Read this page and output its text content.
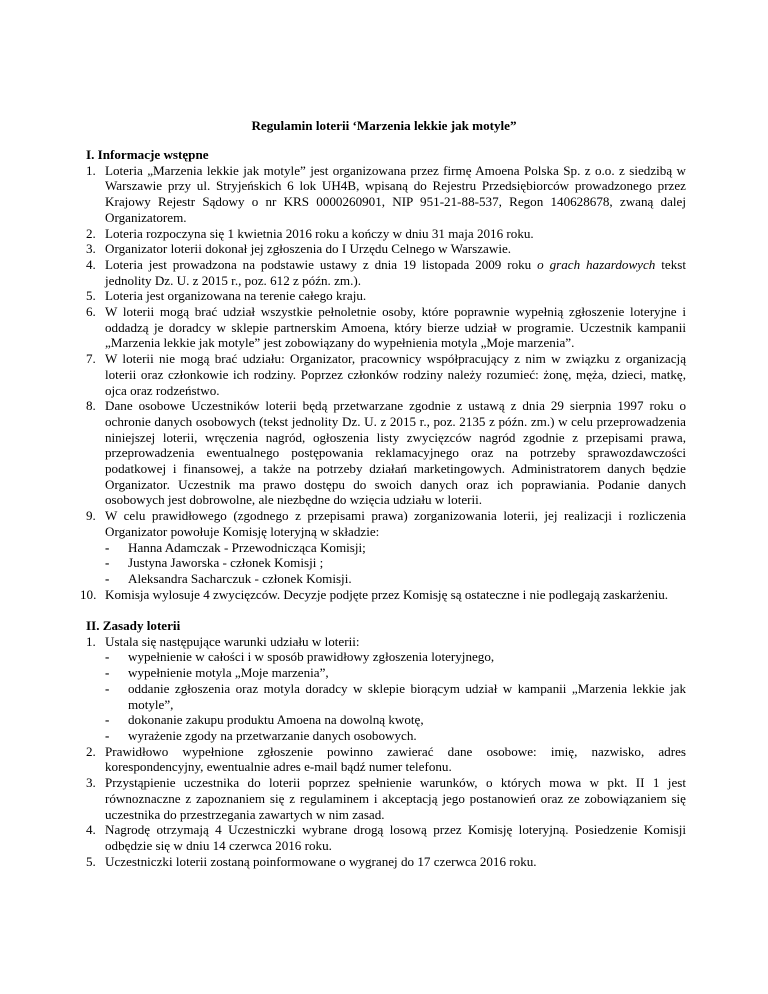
Regulamin loterii ‘Marzenia lekkie jak motyle”

I. Informacje wstępne

1. Loteria „Marzenia lekkie jak motyle” jest organizowana przez firmę Amoena Polska Sp. z o.o. z siedzibą w Warszawie przy ul. Stryjeńskich 6 lok UH4B, wpisaną do Rejestru Przedsiębiorców prowadzonego przez Krajowy Rejestr Sądowy o nr KRS 0000260901, NIP 951-21-88-537, Regon 140628678, zwaną dalej Organizatorem.
2. Loteria rozpoczyna się 1 kwietnia 2016 roku a kończy w dniu 31 maja 2016 roku.
3. Organizator loterii dokonał jej zgłoszenia do I Urzędu Celnego w Warszawie.
4. Loteria jest prowadzona na podstawie ustawy z dnia 19 listopada 2009 roku o grach hazardowych tekst jednolity Dz. U. z 2015 r., poz. 612 z późn. zm.).
5. Loteria jest organizowana na terenie całego kraju.
6. W loterii mogą brać udział wszystkie pełnoletnie osoby, które poprawnie wypełnią zgłoszenie loteryjne i oddadzą je doradcy w sklepie partnerskim Amoena, który bierze udział w programie. Uczestnik kampanii „Marzenia lekkie jak motyle” jest zobowiązany do wypełnienia motyla „Moje marzenia”.
7. W loterii nie mogą brać udziału: Organizator, pracownicy współpracujący z nim w związku z organizacją loterii oraz członkowie ich rodziny. Poprzez członków rodziny należy rozumieć: żonę, męża, dzieci, matkę, ojca oraz rodzeństwo.
8. Dane osobowe Uczestników loterii będą przetwarzane zgodnie z ustawą z dnia 29 sierpnia 1997 roku o ochronie danych osobowych (tekst jednolity Dz. U. z 2015 r., poz. 2135 z późn. zm.) w celu przeprowadzenia niniejszej loterii, wręczenia nagród, ogłoszenia listy zwycięzców nagród zgodnie z przepisami prawa, przeprowadzenia ewentualnego postępowania reklamacyjnego oraz na potrzeby sprawozdawczości podatkowej i finansowej, a także na potrzeby działań marketingowych. Administratorem danych będzie Organizator. Uczestnik ma prawo dostępu do swoich danych oraz ich poprawiania. Podanie danych osobowych jest dobrowolne, ale niezbędne do wzięcia udziału w loterii.
9. W celu prawidłowego (zgodnego z przepisami prawa) zorganizowania loterii, jej realizacji i rozliczenia Organizator powołuje Komisję loteryjną w składzie:
-	Hanna Adamczak - Przewodnicząca Komisji;
-	Justyna Jaworska - członek Komisji ;
-	Aleksandra Sacharczuk - członek Komisji.
10. Komisja wylosuje 4 zwycięzców. Decyzje podjęte przez Komisję są ostateczne i nie podlegają zaskarżeniu.

II. Zasady loterii

1. Ustala się następujące warunki udziału w loterii:
-	wypełnienie w całości i w sposób prawidłowy zgłoszenia loteryjnego,
-	wypełnienie motyla „Moje marzenia”,
-	oddanie zgłoszenia oraz motyla doradcy w sklepie biorącym udział w kampanii „Marzenia lekkie jak motyle”,
-	dokonanie zakupu produktu Amoena na dowolną kwotę,
-	wyrażenie zgody na przetwarzanie danych osobowych.
2. Prawidłowo wypełnione zgłoszenie powinno zawierać dane osobowe: imię, nazwisko, adres korespondencyjny, ewentualnie adres e-mail bądź numer telefonu.
3. Przystąpienie uczestnika do loterii poprzez spełnienie warunków, o których mowa w pkt. II 1 jest równoznaczne z zapoznaniem się z regulaminem i akceptacją jego postanowień oraz ze zobowiązaniem się uczestnika do przestrzegania zawartych w nim zasad.
4. Nagrodę otrzymają 4 Uczestniczki wybrane drogą losową przez Komisję loteryjną. Posiedzenie Komisji odbędzie się w dniu 14 czerwca 2016 roku.
5. Uczestniczki loterii zostaną poinformowane o wygranej do 17 czerwca 2016 roku.
